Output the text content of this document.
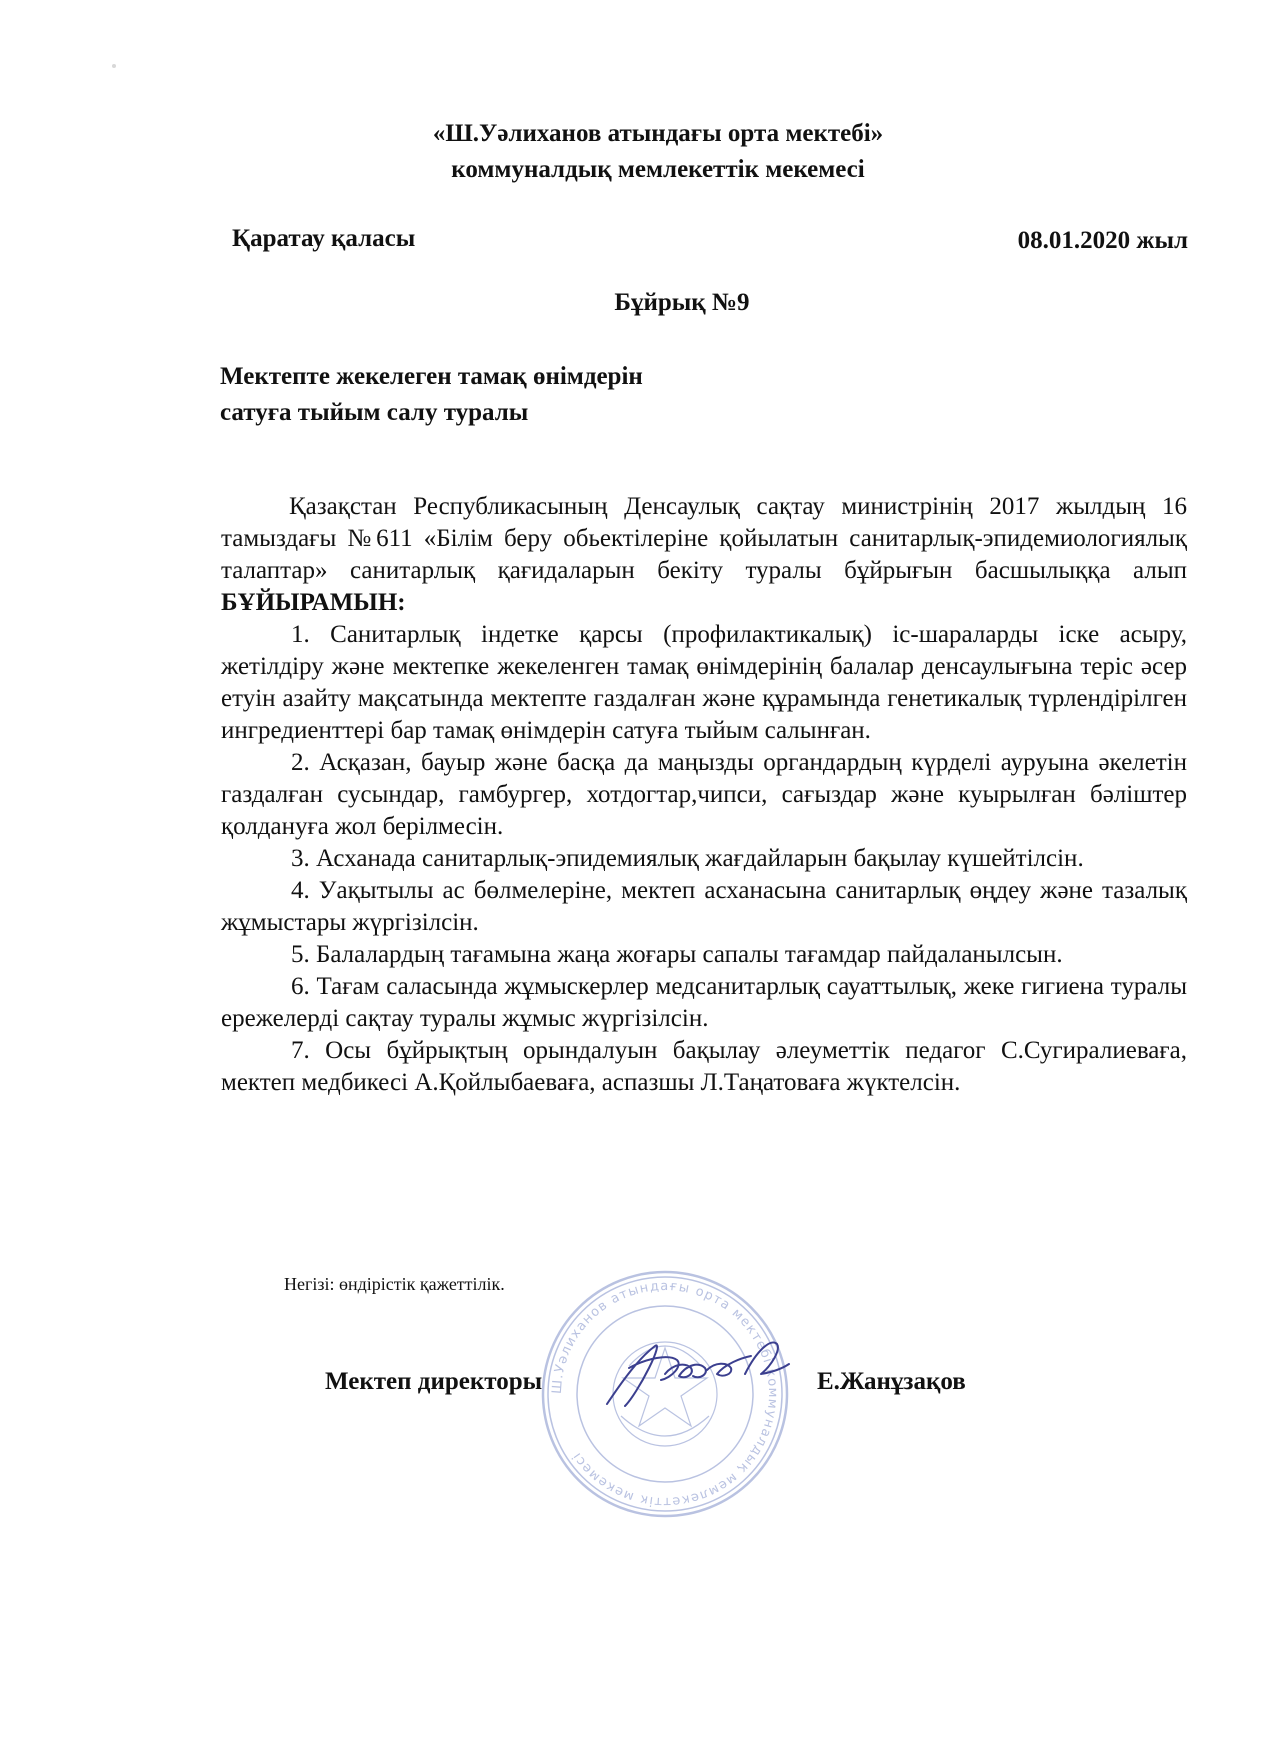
«Ш.Уәлиханов атындағы орта мектебі»
коммуналдық мемлекеттік мекемесі
Қаратау қаласы	08.01.2020 жыл
Бұйрық №9
Мектепте жекелеген тамақ өнімдерін
сатуға тыйым салу туралы

Қазақстан Республикасының Денсаулық сақтау министрінің 2017 жылдың 16 тамыздағы №611 «Білім беру обьектілеріне қойылатын санитарлық-эпидемиологиялық талаптар» санитарлық қағидаларын бекіту туралы бұйрығын басшылыққа алып БҰЙЫРАМЫН:

1. Санитарлық індетке қарсы (профилактикалық) іс-шараларды іске асыру, жетілдіру және мектепке жекеленген тамақ өнімдерінің балалар денсаулығына теріс әсер етуін азайту мақсатында мектепте газдалған және құрамында генетикалық түрлендірілген ингредиенттері бар тамақ өнімдерін сатуға тыйым салынған.

2. Асқазан, бауыр және басқа да маңызды органдардың күрделі ауруына әкелетін газдалған сусындар, гамбургер, хотдогтар,чипси, сағыздар және куырылған бәліштер қолдануға жол берілмесін.

3. Асханада санитарлық-эпидемиялық жағдайларын бақылау күшейтілсін.

4. Уақытылы ас бөлмелеріне, мектеп асханасына санитарлық өңдеу және тазалық жұмыстары жүргізілсін.

5. Балалардың тағамына жаңа жоғары сапалы тағамдар пайдаланылсын.

6. Тағам саласында жұмыскерлер медсанитарлық сауаттылық, жеке гигиена туралы ережелерді сақтау туралы жұмыс жүргізілсін.

7. Осы бұйрықтың орындалуын бақылау әлеуметтік педагог С.Сугиралиеваға, мектеп медбикесі А.Қойлыбаеваға, аспазшы Л.Таңатоваға жүктелсін.

Негізі: өндірістік қажеттілік.
Ш.Уәлиханов атындағы орта мектебі коммуналдық мемлекеттік мекемесі
Мектеп директоры	Е.Жанұзақов
